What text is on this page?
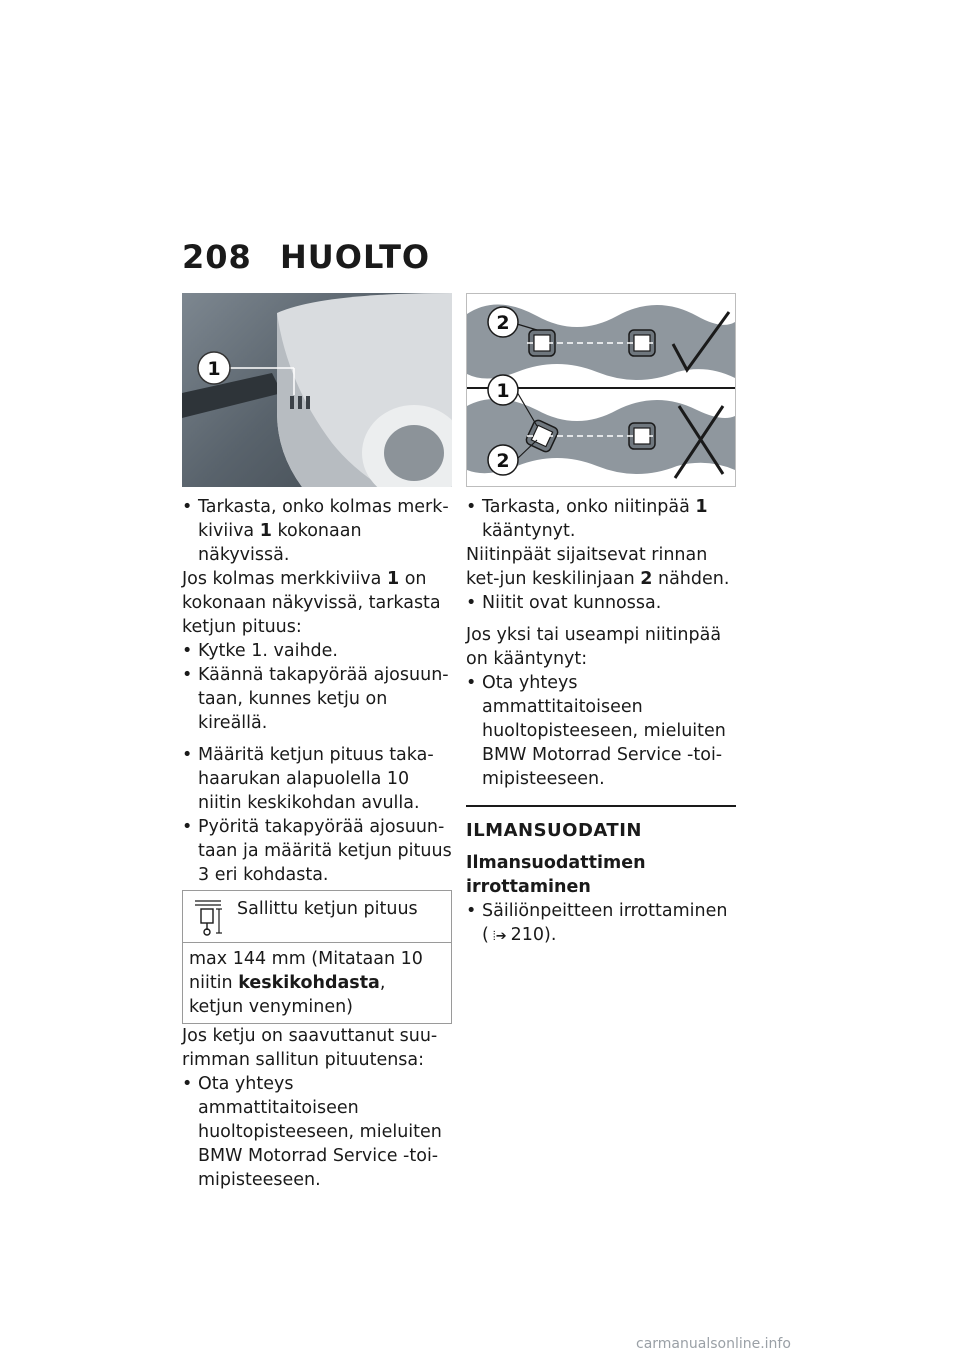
208 HUOLTO
1

• Tarkasta, onko kolmas merk-kiviiva 1 kokonaan näkyvissä.

Jos kolmas merkkiviiva 1 on kokonaan näkyvissä, tarkasta ketjun pituus:

• Kytke 1. vaihde.

• Käännä takapyörää ajosuun-taan, kunnes ketju on kireällä.

• Määritä ketjun pituus taka-haarukan alapuolella 10 niitin keskikohdan avulla.

• Pyöritä takapyörää ajosuun-taan ja määritä ketjun pituus 3 eri kohdasta.

Sallittu ketjun pituus
max 144 mm (Mitataan 10 niitin keskikohdasta, ketjun venyminen)

Jos ketju on saavuttanut suu-rimman sallitun pituutensa:

• Ota yhteys ammattitaitoiseen huoltopisteeseen, mieluiten BMW Motorrad Service -toi-mipisteeseen.

2
1
2

• Tarkasta, onko niitinpää 1 kääntynyt.

Niitinpäät sijaitsevat rinnan ket-jun keskilinjaan 2 nähden.

• Niitit ovat kunnossa.

Jos yksi tai useampi niitinpää on kääntynyt:

• Ota yhteys ammattitaitoiseen huoltopisteeseen, mieluiten BMW Motorrad Service -toi-mipisteeseen.

ILMANSUODATIN

Ilmansuodattimen irrottaminen

• Säiliönpeitteen irrottaminen ( ⦙➔ 210).

carmanualsonline.info
